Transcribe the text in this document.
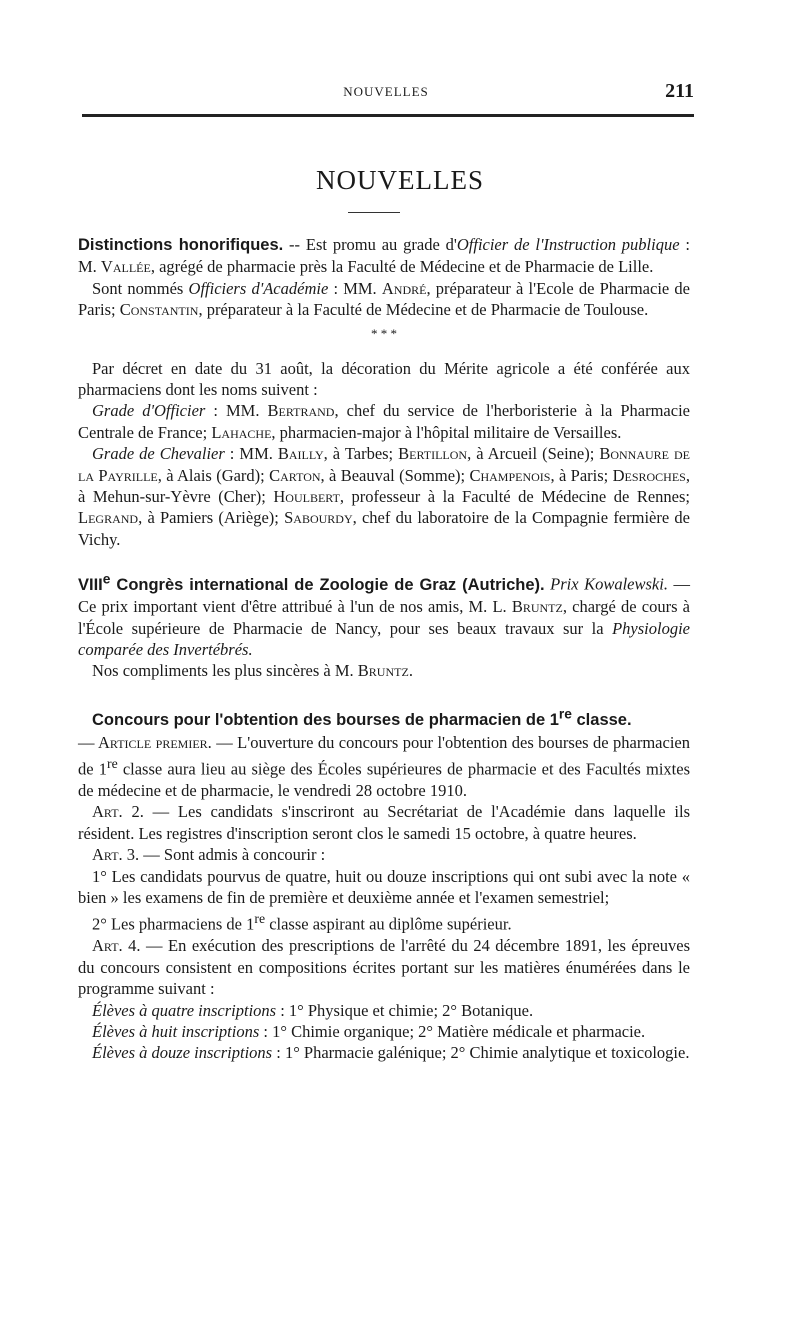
NOUVELLES	211
NOUVELLES

Distinctions honorifiques. -- Est promu au grade d'Officier de l'Instruction publique : M. Vallée, agrégé de pharmacie près la Faculté de Médecine et de Pharmacie de Lille.

Sont nommés Officiers d'Académie : MM. André, préparateur à l'Ecole de Pharmacie de Paris; Constantin, préparateur à la Faculté de Médecine et de Pharmacie de Toulouse.

* * *

Par décret en date du 31 août, la décoration du Mérite agricole a été conférée aux pharmaciens dont les noms suivent :

Grade d'Officier : MM. Bertrand, chef du service de l'herboristerie à la Pharmacie Centrale de France; Lahache, pharmacien-major à l'hôpital militaire de Versailles.

Grade de Chevalier : MM. Bailly, à Tarbes; Bertillon, à Arcueil (Seine); Bonnaure de la Payrille, à Alais (Gard); Carton, à Beauval (Somme); Champenois, à Paris; Desroches, à Mehun-sur-Yèvre (Cher); Houlbert, professeur à la Faculté de Médecine de Rennes; Legrand, à Pamiers (Ariège); Sabourdy, chef du laboratoire de la Compagnie fermière de Vichy.

VIIIe Congrès international de Zoologie de Graz (Autriche). Prix Kowalewski. — Ce prix important vient d'être attribué à l'un de nos amis, M. L. Bruntz, chargé de cours à l'École supérieure de Pharmacie de Nancy, pour ses beaux travaux sur la Physiologie comparée des Invertébrés.

Nos compliments les plus sincères à M. Bruntz.

Concours pour l'obtention des bourses de pharmacien de 1re classe.

— Article premier. — L'ouverture du concours pour l'obtention des bourses de pharmacien de 1re classe aura lieu au siège des Écoles supérieures de pharmacie et des Facultés mixtes de médecine et de pharmacie, le vendredi 28 octobre 1910.

Art. 2. — Les candidats s'inscriront au Secrétariat de l'Académie dans laquelle ils résident. Les registres d'inscription seront clos le samedi 15 octobre, à quatre heures.

Art. 3. — Sont admis à concourir :

1° Les candidats pourvus de quatre, huit ou douze inscriptions qui ont subi avec la note « bien » les examens de fin de première et deuxième année et l'examen semestriel;

2° Les pharmaciens de 1re classe aspirant au diplôme supérieur.

Art. 4. — En exécution des prescriptions de l'arrêté du 24 décembre 1891, les épreuves du concours consistent en compositions écrites portant sur les matières énumérées dans le programme suivant :

Élèves à quatre inscriptions : 1° Physique et chimie; 2° Botanique.

Élèves à huit inscriptions : 1° Chimie organique; 2° Matière médicale et pharmacie.

Élèves à douze inscriptions : 1° Pharmacie galénique; 2° Chimie analytique et toxicologie.
